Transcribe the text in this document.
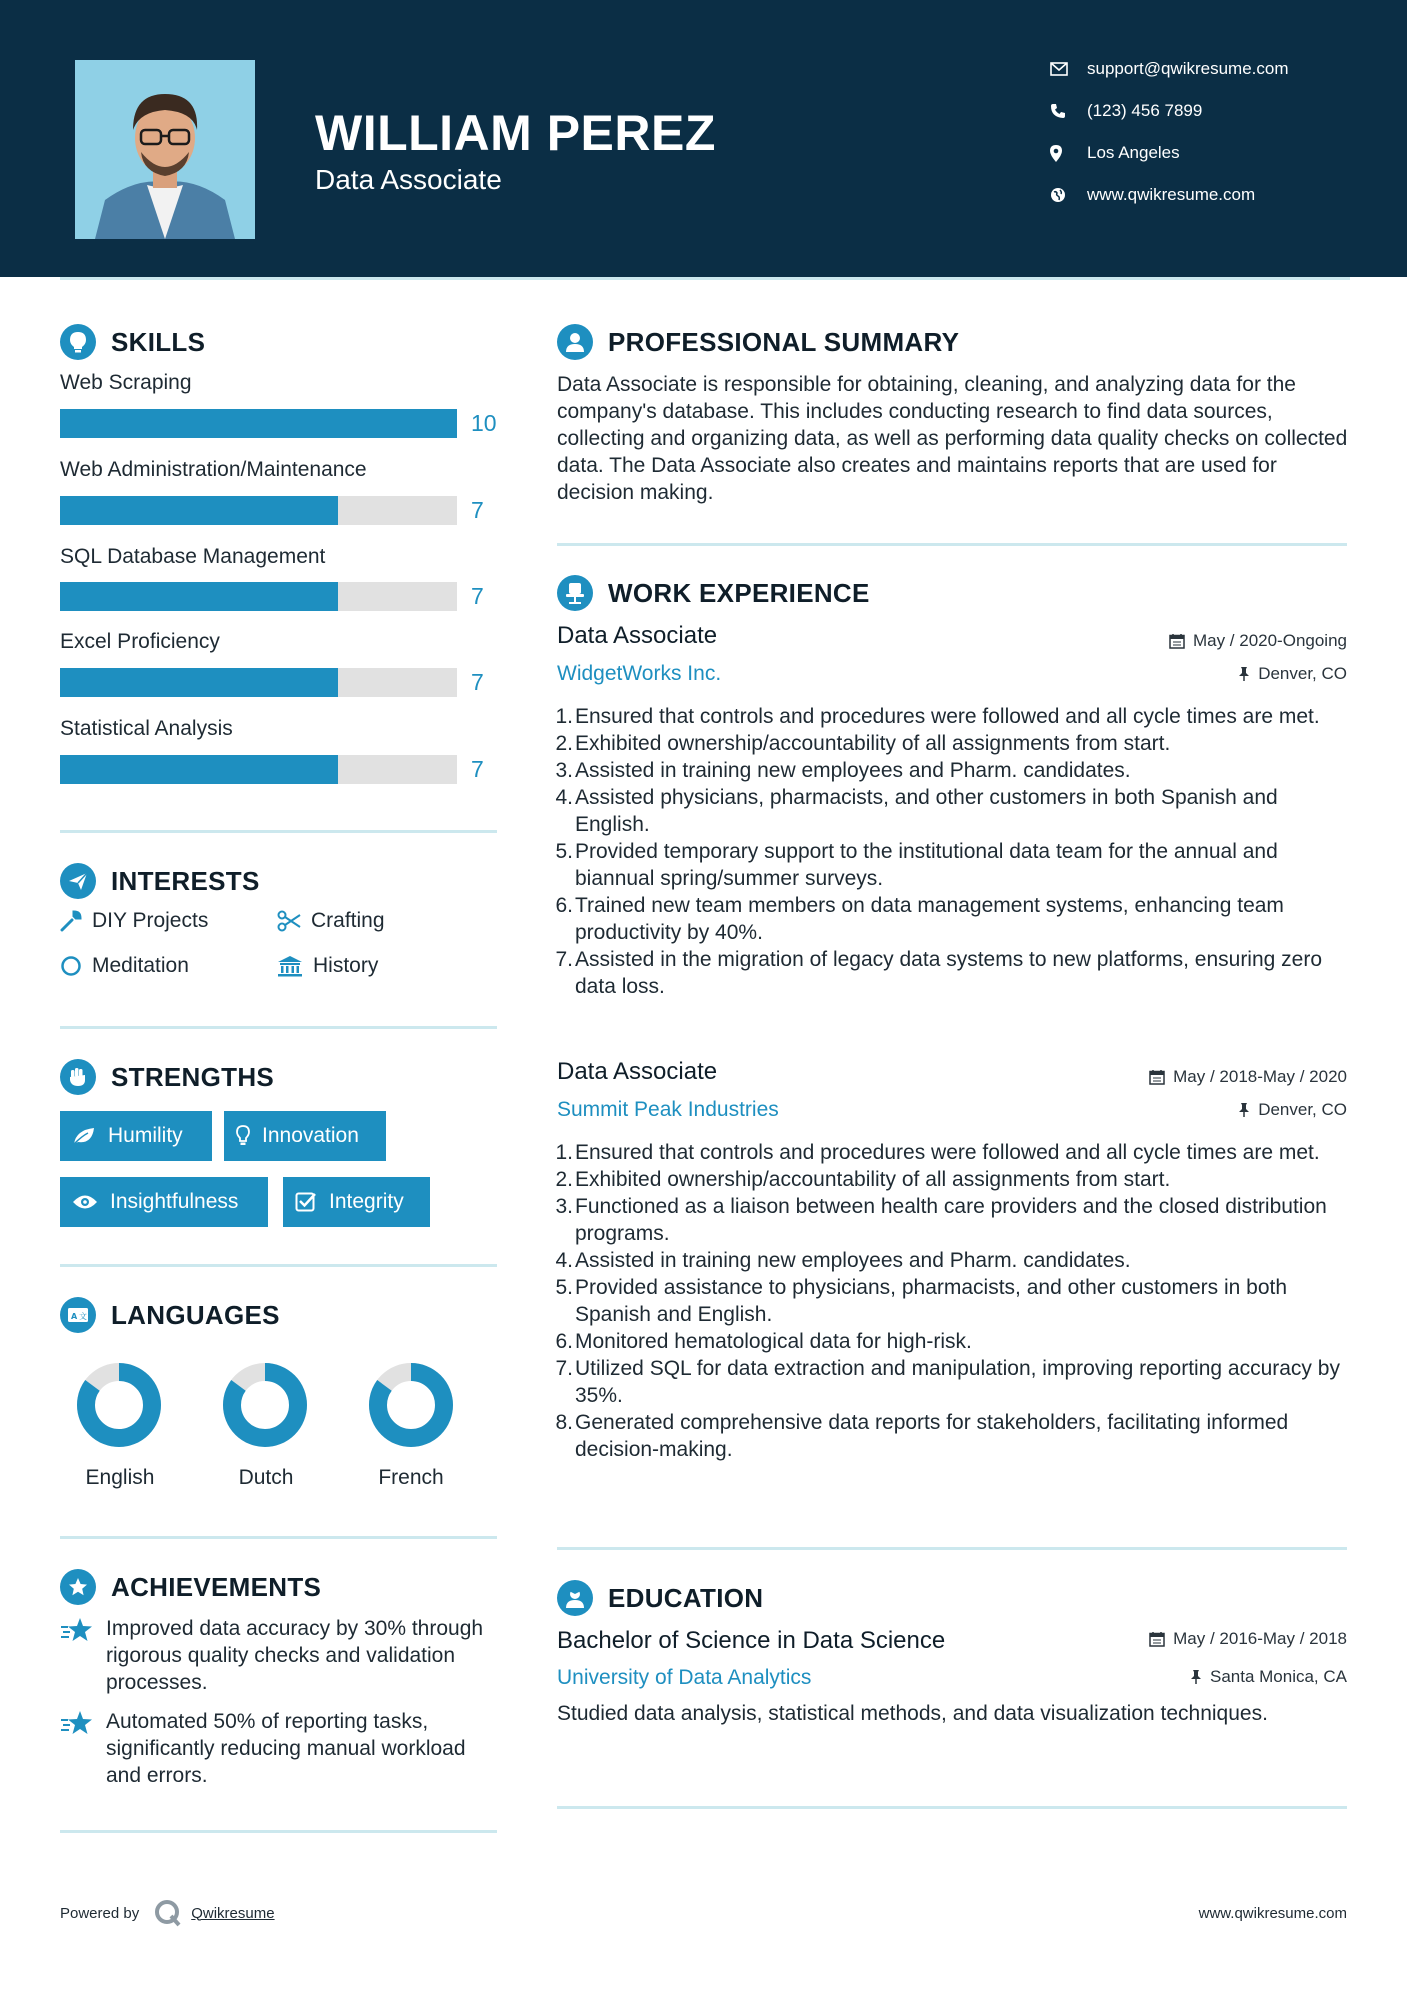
WILLIAM PEREZ
Data Associate
support@qwikresume.com
(123) 456 7899
Los Angeles
www.qwikresume.com
SKILLS
Web Scraping
10
Web Administration/Maintenance
7
SQL Database Management
7
Excel Proficiency
7
Statistical Analysis
7
INTERESTS
DIY Projects	Crafting
Meditation	History
STRENGTHS
Humility	Innovation
Insightfulness	Integrity
A 文 LANGUAGES
English	Dutch	French
ACHIEVEMENTS
Improved data accuracy by 30% through rigorous quality checks and validation processes.
Automated 50% of reporting tasks, significantly reducing manual workload and errors.
PROFESSIONAL SUMMARY
Data Associate is responsible for obtaining, cleaning, and analyzing data for the company's database. This includes conducting research to find data sources, collecting and organizing data, as well as performing data quality checks on collected data. The Data Associate also creates and maintains reports that are used for decision making.
WORK EXPERIENCE
Data Associate	May / 2020-Ongoing
WidgetWorks Inc.	Denver, CO
1. Ensured that controls and procedures were followed and all cycle times are met.
2. Exhibited ownership/accountability of all assignments from start.
3. Assisted in training new employees and Pharm. candidates.
4. Assisted physicians, pharmacists, and other customers in both Spanish and English.
5. Provided temporary support to the institutional data team for the annual and biannual spring/summer surveys.
6. Trained new team members on data management systems, enhancing team productivity by 40%.
7. Assisted in the migration of legacy data systems to new platforms, ensuring zero data loss.
Data Associate	May / 2018-May / 2020
Summit Peak Industries	Denver, CO
1. Ensured that controls and procedures were followed and all cycle times are met.
2. Exhibited ownership/accountability of all assignments from start.
3. Functioned as a liaison between health care providers and the closed distribution programs.
4. Assisted in training new employees and Pharm. candidates.
5. Provided assistance to physicians, pharmacists, and other customers in both Spanish and English.
6. Monitored hematological data for high-risk.
7. Utilized SQL for data extraction and manipulation, improving reporting accuracy by 35%.
8. Generated comprehensive data reports for stakeholders, facilitating informed decision-making.
EDUCATION
Bachelor of Science in Data Science	May / 2016-May / 2018
University of Data Analytics	Santa Monica, CA
Studied data analysis, statistical methods, and data visualization techniques.
Powered by	Qwikresume	www.qwikresume.com
